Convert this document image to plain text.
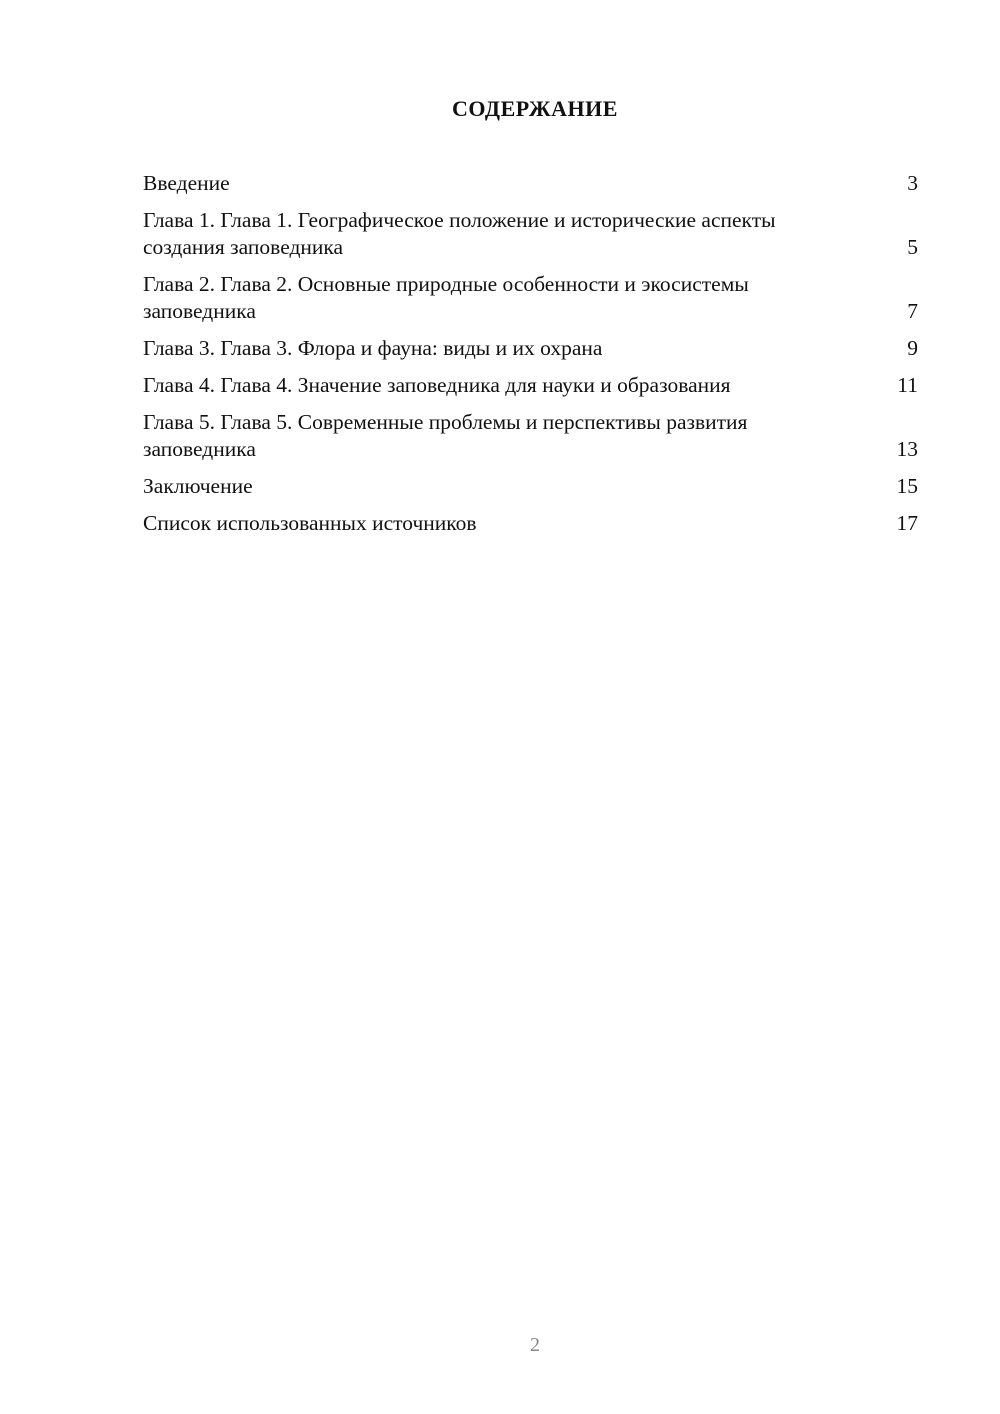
СОДЕРЖАНИЕ
Введение	3
Глава 1. Глава 1. Географическое положение и исторические аспекты создания заповедника	5
Глава 2. Глава 2. Основные природные особенности и экосистемы заповедника	7
Глава 3. Глава 3. Флора и фауна: виды и их охрана	9
Глава 4. Глава 4. Значение заповедника для науки и образования	11
Глава 5. Глава 5. Современные проблемы и перспективы развития заповедника	13
Заключение	15
Список использованных источников	17
2
